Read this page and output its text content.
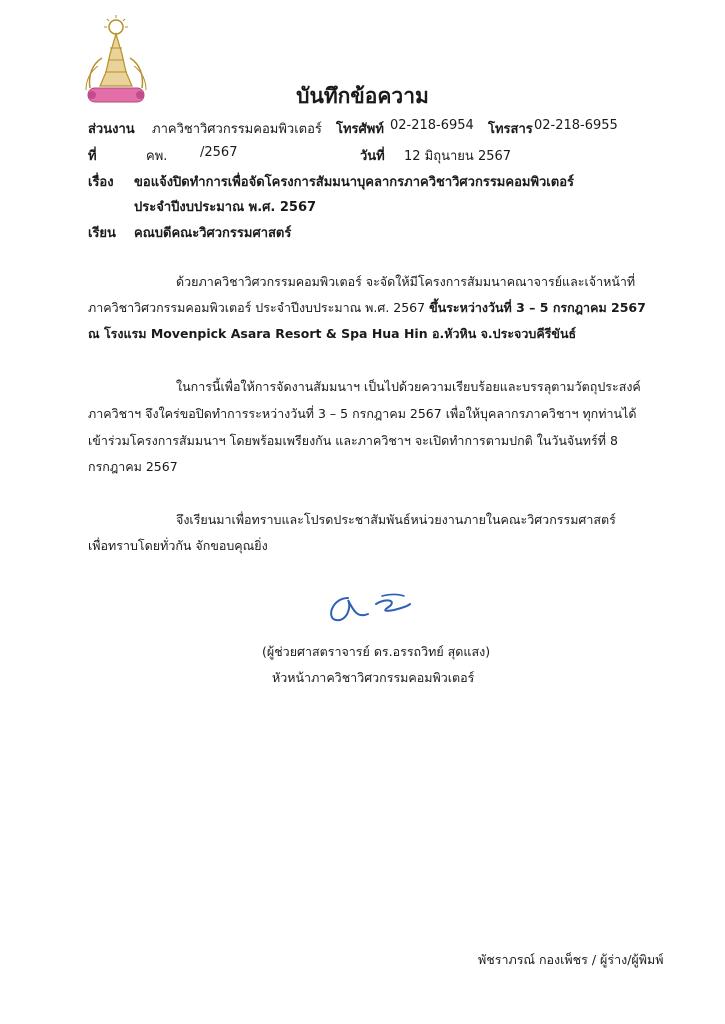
บันทึกข้อความ
ส่วนงาน ภาควิชาวิศวกรรมคอมพิวเตอร์ โทรศัพท์ 02-218-6954 โทรสาร 02-218-6955
ที่	คพ.	/2567	วันที่ 12 มิถุนายน 2567
เรื่อง ขอแจ้งปิดทำการเพื่อจัดโครงการสัมมนาบุคลากรภาควิชาวิศวกรรมคอมพิวเตอร์
ประจำปีงบประมาณ พ.ศ. 2567
เรียน คณบดีคณะวิศวกรรมศาสตร์
ด้วยภาควิชาวิศวกรรมคอมพิวเตอร์ จะจัดให้มีโครงการสัมมนาคณาจารย์และเจ้าหน้าที่
ภาควิชาวิศวกรรมคอมพิวเตอร์ ประจำปีงบประมาณ พ.ศ. 2567 ขึ้นระหว่างวันที่ 3 – 5 กรกฎาคม 2567
ณ โรงแรม Movenpick Asara Resort & Spa Hua Hin อ.หัวหิน จ.ประจวบคีรีขันธ์
ในการนี้เพื่อให้การจัดงานสัมมนาฯ เป็นไปด้วยความเรียบร้อยและบรรลุตามวัตถุประสงค์
ภาควิชาฯ จึงใคร่ขอปิดทำการระหว่างวันที่ 3 – 5 กรกฎาคม 2567 เพื่อให้บุคลากรภาควิชาฯ ทุกท่านได้
เข้าร่วมโครงการสัมมนาฯ โดยพร้อมเพรียงกัน และภาควิชาฯ จะเปิดทำการตามปกติ ในวันจันทร์ที่ 8
กรกฎาคม 2567
จึงเรียนมาเพื่อทราบและโปรดประชาสัมพันธ์หน่วยงานภายในคณะวิศวกรรมศาสตร์
เพื่อทราบโดยทั่วกัน จักขอบคุณยิ่ง
(ผู้ช่วยศาสตราจารย์ ดร.อรรถวิทย์ สุดแสง)
หัวหน้าภาควิชาวิศวกรรมคอมพิวเตอร์
พัชราภรณ์ กองเพ็ชร / ผู้ร่าง/ผู้พิมพ์
